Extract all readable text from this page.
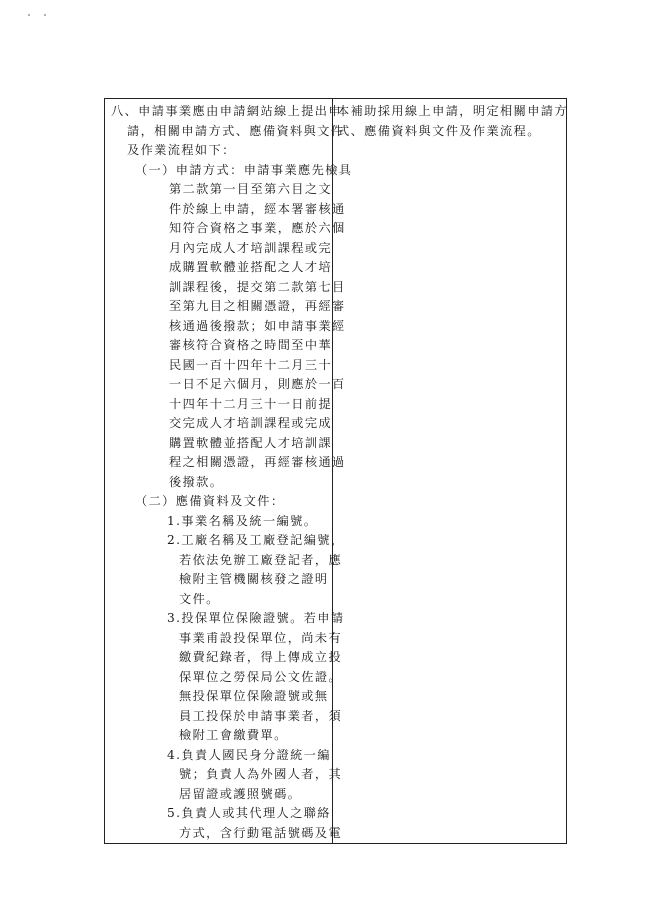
八、申請事業應由申請網站線上提出申
請，相關申請方式、應備資料與文件
及作業流程如下：
（一）申請方式：申請事業應先檢具
第二款第一目至第六目之文
件於線上申請，經本署審核通
知符合資格之事業，應於六個
月內完成人才培訓課程或完
成購置軟體並搭配之人才培
訓課程後，提交第二款第七目
至第九目之相關憑證，再經審
核通過後撥款；如申請事業經
審核符合資格之時間至中華
民國一百十四年十二月三十
一日不足六個月，則應於一百
十四年十二月三十一日前提
交完成人才培訓課程或完成
購置軟體並搭配人才培訓課
程之相關憑證，再經審核通過
後撥款。
（二）應備資料及文件：
1.事業名稱及統一編號。
2.工廠名稱及工廠登記編號，
若依法免辦工廠登記者，應
檢附主管機關核發之證明
文件。
3.投保單位保險證號。若申請
事業甫設投保單位，尚未有
繳費紀錄者，得上傳成立投
保單位之勞保局公文佐證。
無投保單位保險證號或無
員工投保於申請事業者，須
檢附工會繳費單。
4.負責人國民身分證統一編
號；負責人為外國人者，其
居留證或護照號碼。
5.負責人或其代理人之聯絡
方式，含行動電話號碼及電

本補助採用線上申請，明定相關申請方
式、應備資料與文件及作業流程。
